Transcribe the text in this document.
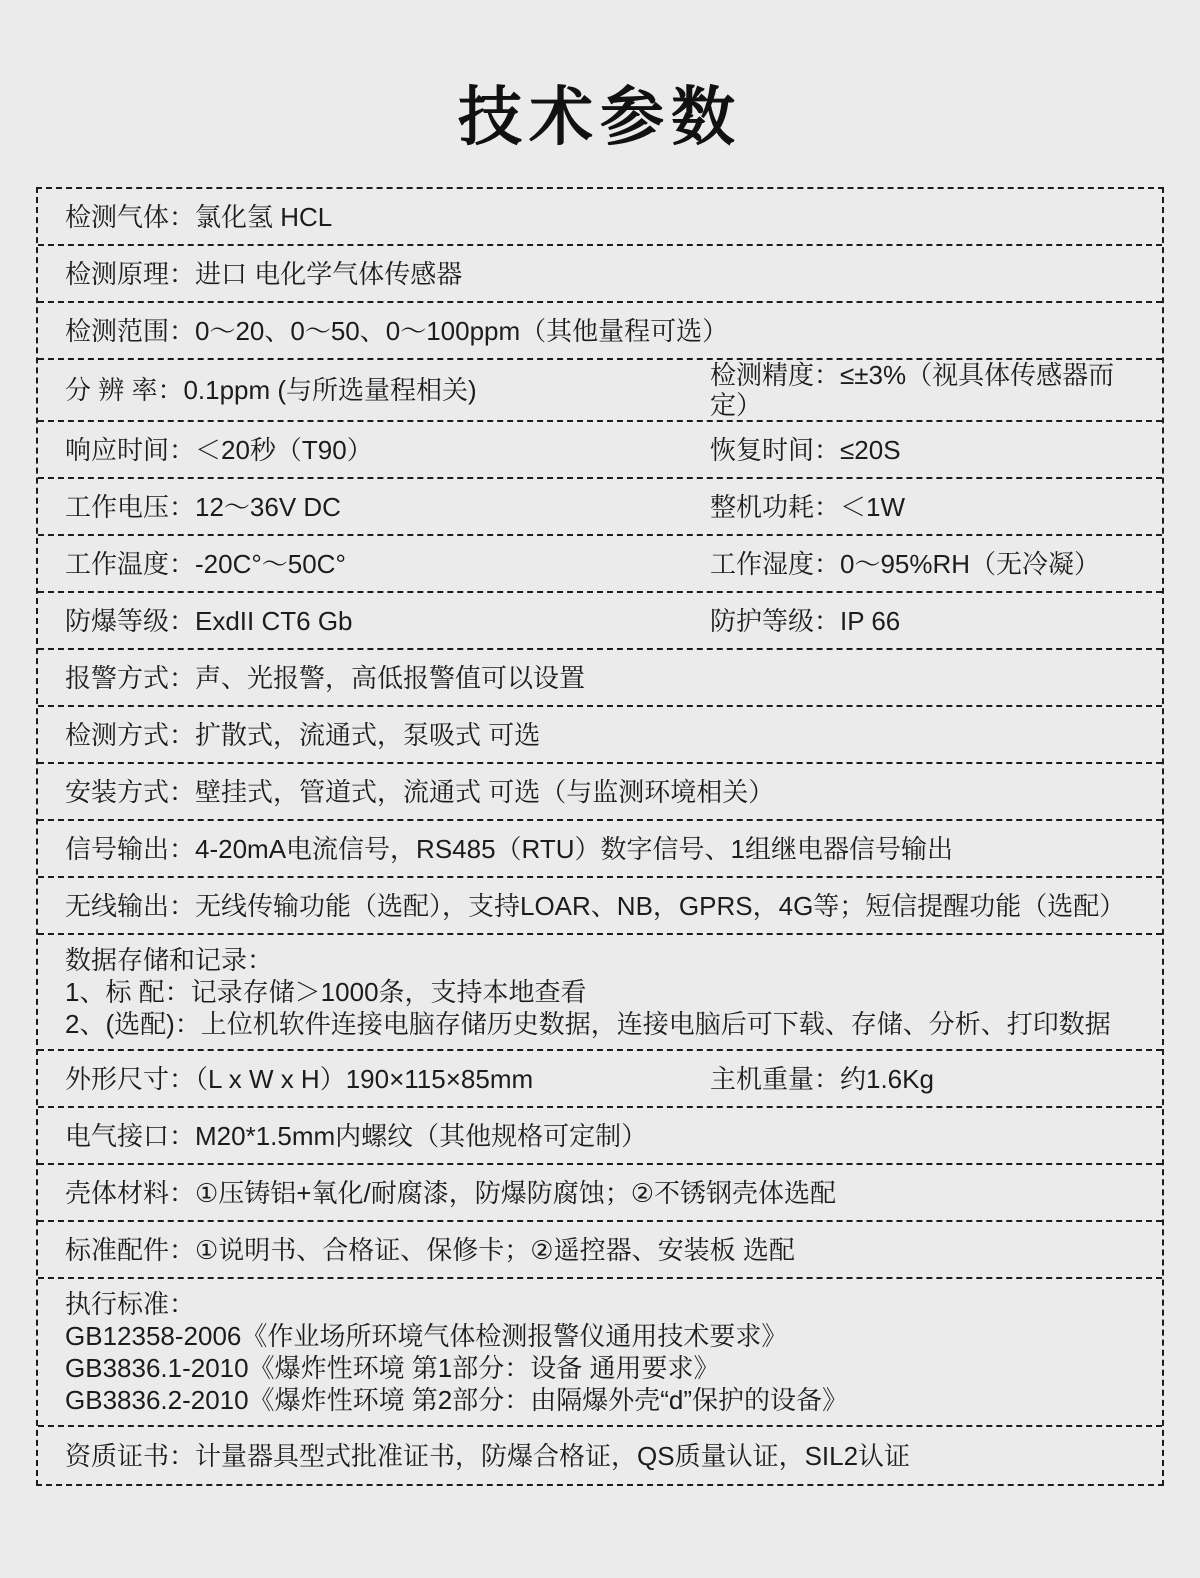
技术参数
检测气体：氯化氢 HCL
检测原理：进口 电化学气体传感器
检测范围：0～20、0～50、0～100ppm（其他量程可选）
分 辨 率：0.1ppm (与所选量程相关)	检测精度：≤±3%（视具体传感器而定）
响应时间：＜20秒（T90）	恢复时间：≤20S
工作电压：12～36V DC	整机功耗：＜1W
工作温度：-20C°～50C°	工作湿度：0～95%RH（无冷凝）
防爆等级：ExdII CT6 Gb	防护等级：IP 66
报警方式：声、光报警，高低报警值可以设置
检测方式：扩散式，流通式，泵吸式 可选
安装方式：壁挂式，管道式，流通式 可选（与监测环境相关）
信号输出：4-20mA电流信号，RS485（RTU）数字信号、1组继电器信号输出
无线输出：无线传输功能（选配），支持LOAR、NB，GPRS，4G等；短信提醒功能（选配）
数据存储和记录：
1、标 配：记录存储＞1000条，支持本地查看
2、(选配)：上位机软件连接电脑存储历史数据，连接电脑后可下载、存储、分析、打印数据
外形尺寸：（L x W x H）190×115×85mm	主机重量：约1.6Kg
电气接口：M20*1.5mm内螺纹（其他规格可定制）
壳体材料：①压铸铝+氧化/耐腐漆，防爆防腐蚀；②不锈钢壳体选配
标准配件：①说明书、合格证、保修卡；②遥控器、安装板 选配
执行标准：
GB12358-2006《作业场所环境气体检测报警仪通用技术要求》
GB3836.1-2010《爆炸性环境 第1部分：设备 通用要求》
GB3836.2-2010《爆炸性环境 第2部分：由隔爆外壳“d”保护的设备》
资质证书：计量器具型式批准证书，防爆合格证，QS质量认证，SIL2认证
